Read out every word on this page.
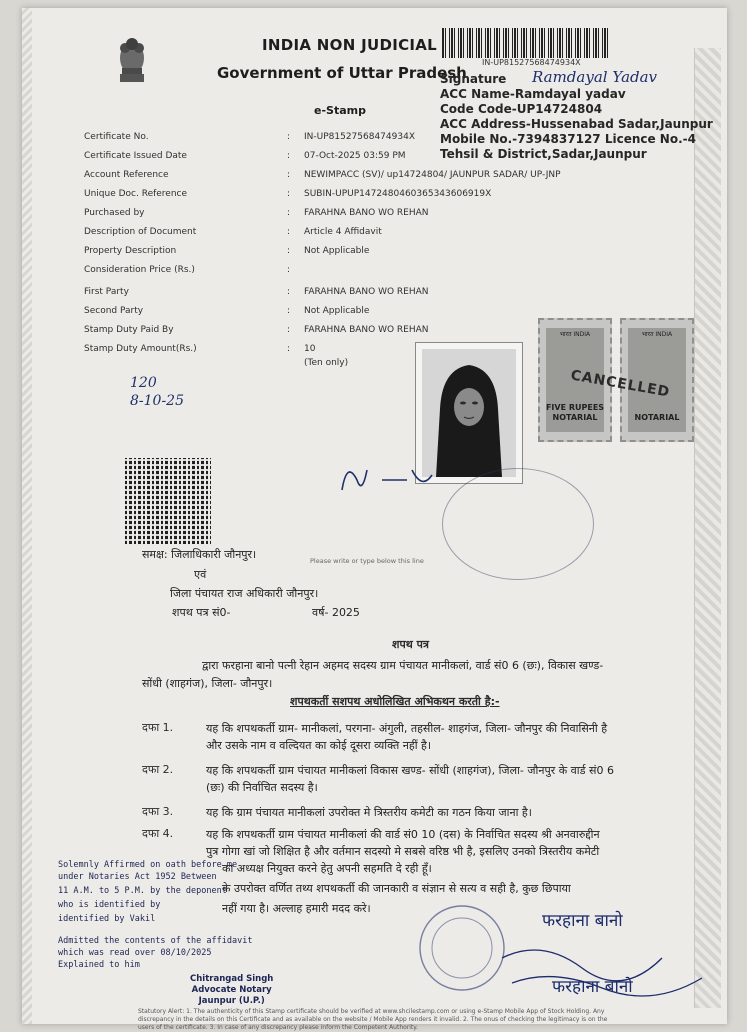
INDIA NON JUDICIAL
Government of Uttar Pradesh
e-Stamp
IN-UP81527568474934X
Signature
ACC Name-Ramdayal yadav
Code Code-UP14724804
ACC Address-Hussenabad Sadar,Jaunpur
Mobile No.-7394837127 Licence No.-4
Tehsil & District,Sadar,Jaunpur
Ramdayal Yadav
Certificate No.	: IN-UP81527568474934X
Certificate Issued Date	: 07-Oct-2025 03:59 PM
Account Reference	: NEWIMPACC (SV)/ up14724804/ JAUNPUR SADAR/ UP-JNP
Unique Doc. Reference	: SUBIN-UPUP1472480460365343606919X
Purchased by	: FARAHNA BANO WO REHAN
Description of Document	: Article 4 Affidavit
Property Description	: Not Applicable
Consideration Price (Rs.)	:
First Party	: FARAHNA BANO WO REHAN
Second Party	: Not Applicable
Stamp Duty Paid By	: FARAHNA BANO WO REHAN
Stamp Duty Amount(Rs.)	: 10
(Ten only)
120
8-10-25
भारत INDIA
FIVE RUPEES
NOTARIAL
भारत INDIA
NOTARIAL
CANCELLED
Please write or type below this line
समक्ष: जिलाधिकारी जौनपुर।
एवं
जिला पंचायत राज अधिकारी जौनपुर।
शपथ पत्र सं0-	वर्ष- 2025
शपथ पत्र
द्वारा फरहाना बानो पत्नी रेहान अहमद सदस्य ग्राम पंचायत मानीकलां, वार्ड सं0 6 (छः), विकास खण्ड-
सोंधी (शाहगंज), जिला- जौनपुर।
शपथकर्ती सशपथ अधोलिखित अभिकथन करती है:-
दफा 1.	यह कि शपथकर्ती ग्राम- मानीकलां, परगना- अंगुली, तहसील- शाहगंज, जिला- जौनपुर की निवासिनी है
और उसके नाम व वल्दियत का कोई दूसरा व्यक्ति नहीं है।
दफा 2.	यह कि शपथकर्ती ग्राम पंचायत मानीकलां विकास खण्ड- सोंधी (शाहगंज), जिला- जौनपुर के वार्ड सं0 6
(छः) की निर्वाचित सदस्य है।
दफा 3.	यह कि ग्राम पंचायत मानीकलां उपरोक्त मे त्रिस्तरीय कमेटी का गठन किया जाना है।
दफा 4.	यह कि शपथकर्ती ग्राम पंचायत मानीकलां की वार्ड सं0 10 (दस) के निर्वाचित सदस्य श्री अनवारुद्दीन
पुत्र गोगा खां जो शिक्षित है और वर्तमान सदस्यो मे सबसे वरिष्ठ भी है, इसलिए उनको त्रिस्तरीय कमेटी
का अध्यक्ष नियुक्त करने हेतु अपनी सहमति दे रही हूँ।
के उपरोक्त वर्णित तथ्य शपथकर्ती की जानकारी व संज्ञान से सत्य व सही है, कुछ छिपाया
नहीं गया है। अल्लाह हमारी मदद करे।
Solemnly Affirmed on oath before me
under Notaries Act 1952 Between
11 A.M. to 5 P.M. by the deponent
who is identified by
identified by Vakil
Admitted the contents of the affidavit
which was read over 08/10/2025
Explained to him
Chitrangad Singh
Advocate Notary
Jaunpur (U.P.)
फरहाना बानो
फरहाना बानो
Statutory Alert: 1. The authenticity of this Stamp certificate should be verified at www.shcilestamp.com or using e-Stamp Mobile App of Stock Holding. Any discrepancy in the details on this Certificate and as available on the website / Mobile App renders it invalid. 2. The onus of checking the legitimacy is on the users of the certificate. 3. In case of any discrepancy please inform the Competent Authority.
